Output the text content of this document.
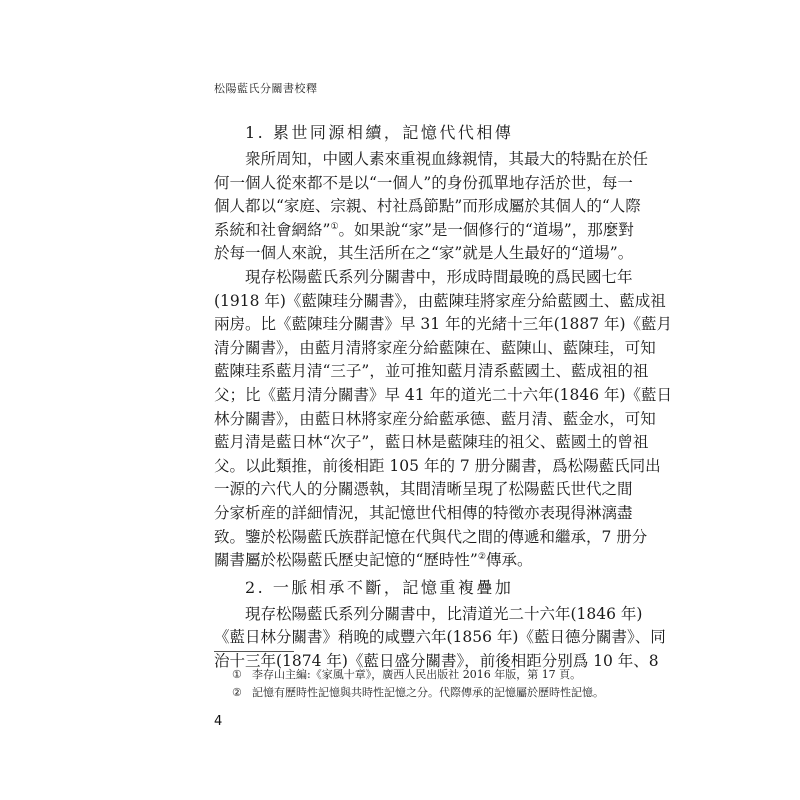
松陽藍氏分關書校釋
1. 累世同源相續，記憶代代相傳
衆所周知，中國人素來重視血緣親情，其最大的特點在於任
何一個人從來都不是以“一個人”的身份孤單地存活於世，每一
個人都以“家庭、宗親、村社爲節點”而形成屬於其個人的“人際
系統和社會網絡”①。如果說“家”是一個修行的“道場”，那麼對
於每一個人來說，其生活所在之“家”就是人生最好的“道場”。
現存松陽藍氏系列分關書中，形成時間最晚的爲民國七年
(1918 年)《藍陳珪分關書》，由藍陳珪將家産分給藍國土、藍成祖
兩房。比《藍陳珪分關書》早 31 年的光緒十三年(1887 年)《藍月
清分關書》，由藍月清將家産分給藍陳在、藍陳山、藍陳珪，可知
藍陳珪系藍月清“三子”，並可推知藍月清系藍國土、藍成祖的祖
父；比《藍月清分關書》早 41 年的道光二十六年(1846 年)《藍日
林分關書》，由藍日林將家産分給藍承德、藍月清、藍金水，可知
藍月清是藍日林“次子”，藍日林是藍陳珪的祖父、藍國土的曾祖
父。以此類推，前後相距 105 年的 7 册分關書，爲松陽藍氏同出
一源的六代人的分關憑執，其間清晰呈現了松陽藍氏世代之間
分家析産的詳細情況，其記憶世代相傳的特徵亦表現得淋漓盡
致。鑒於松陽藍氏族群記憶在代與代之間的傳遞和繼承，7 册分
關書屬於松陽藍氏歷史記憶的“歷時性”②傳承。
2. 一脈相承不斷，記憶重複疊加
現存松陽藍氏系列分關書中，比清道光二十六年(1846 年)
《藍日林分關書》稍晚的咸豐六年(1856 年)《藍日德分關書》、同
治十三年(1874 年)《藍日盛分關書》，前後相距分别爲 10 年、8
① 李存山主編:《家風十章》，廣西人民出版社 2016 年版，第 17 頁。
② 記憶有歷時性記憶與共時性記憶之分。代際傳承的記憶屬於歷時性記憶。
4
